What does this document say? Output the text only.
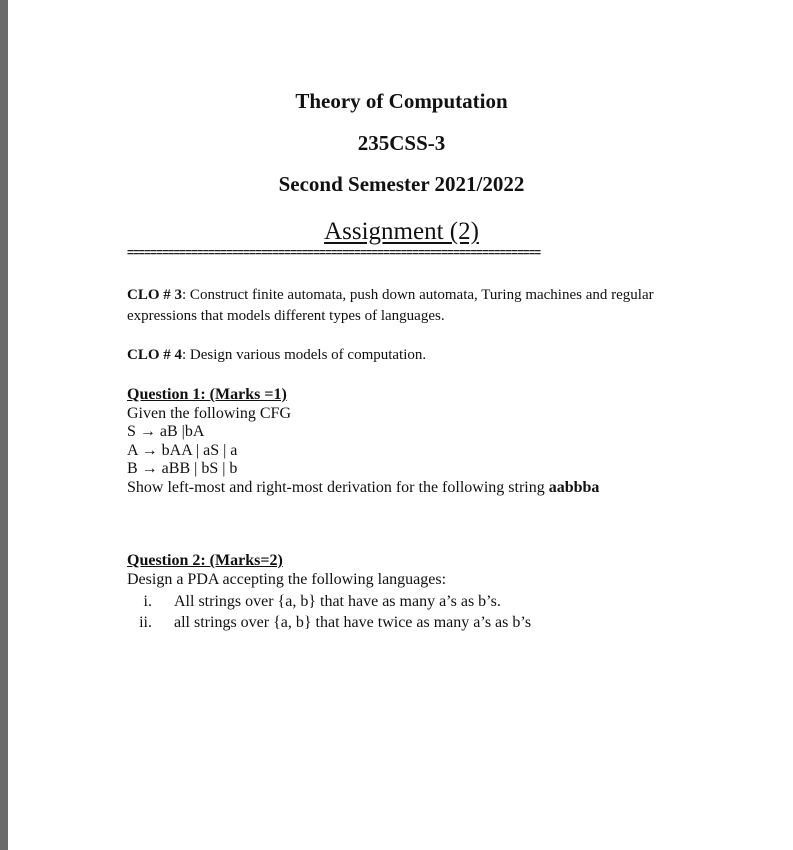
Theory of Computation
235CSS-3
Second Semester 2021/2022
Assignment (2)
=======================================================================
CLO # 3: Construct finite automata, push down automata, Turing machines and regular expressions that models different types of languages.
CLO # 4: Design various models of computation.
Question 1: (Marks =1)
Given the following CFG
S → aB |bA
A → bAA | aS | a
B → aBB | bS | b
Show left-most and right-most derivation for the following string aabbba
Question 2: (Marks=2)
Design a PDA accepting the following languages:
i.	All strings over {a, b} that have as many a’s as b’s.
ii.	all strings over {a, b} that have twice as many a’s as b’s
